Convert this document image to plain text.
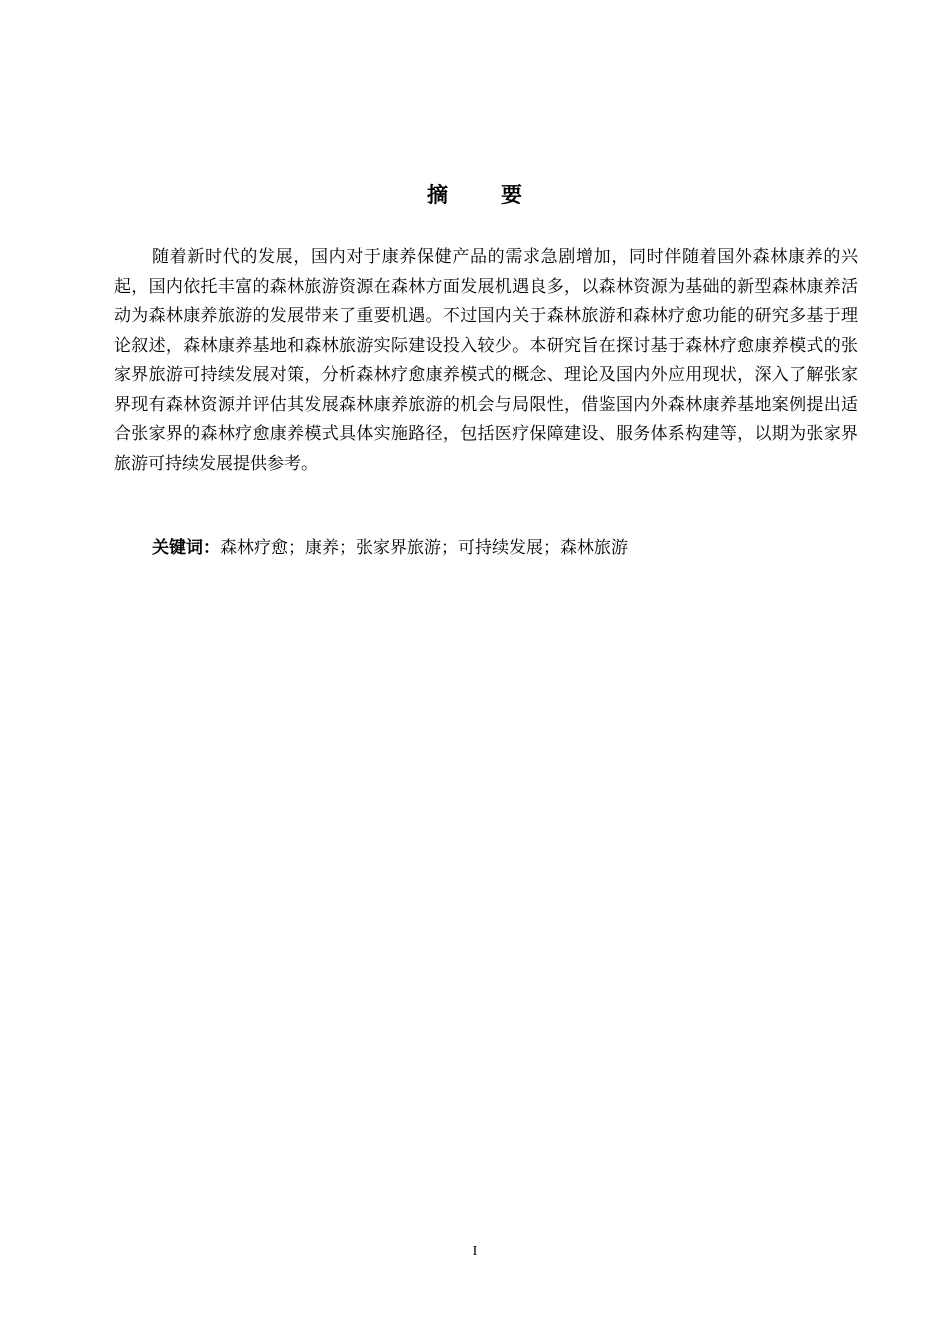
摘 要

随着新时代的发展，国内对于康养保健产品的需求急剧增加，同时伴随着国外森林康养的兴起，国内依托丰富的森林旅游资源在森林方面发展机遇良多，以森林资源为基础的新型森林康养活动为森林康养旅游的发展带来了重要机遇。不过国内关于森林旅游和森林疗愈功能的研究多基于理论叙述，森林康养基地和森林旅游实际建设投入较少。本研究旨在探讨基于森林疗愈康养模式的张家界旅游可持续发展对策，分析森林疗愈康养模式的概念、理论及国内外应用现状，深入了解张家界现有森林资源并评估其发展森林康养旅游的机会与局限性，借鉴国内外森林康养基地案例提出适合张家界的森林疗愈康养模式具体实施路径，包括医疗保障建设、服务体系构建等，以期为张家界旅游可持续发展提供参考。

关键词：森林疗愈；康养；张家界旅游；可持续发展；森林旅游

I
